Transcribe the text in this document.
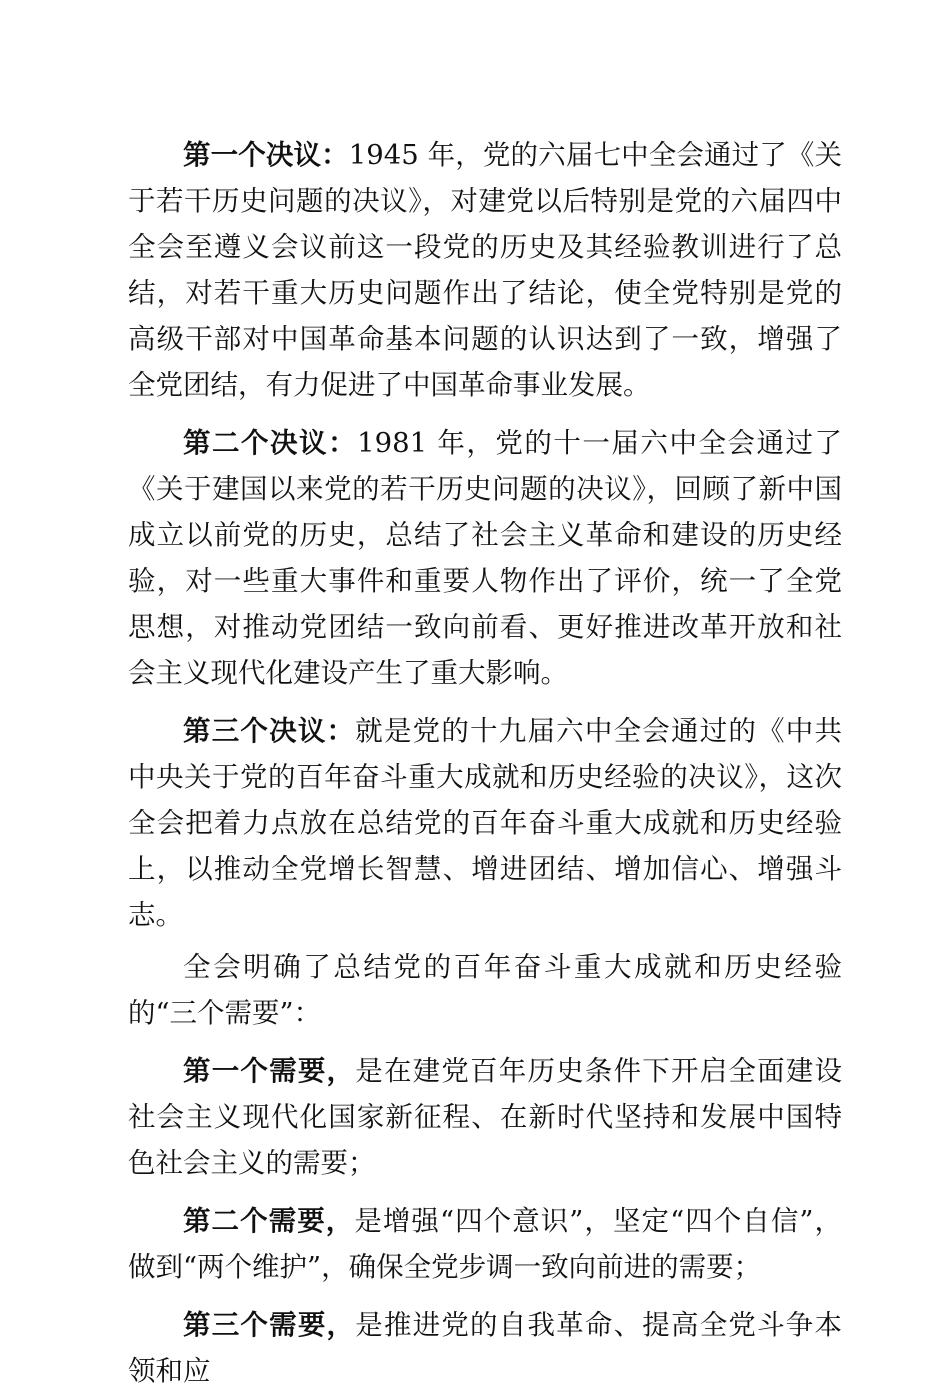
第一个决议：1945 年，党的六届七中全会通过了《关于若干历史问题的决议》，对建党以后特别是党的六届四中全会至遵义会议前这一段党的历史及其经验教训进行了总结，对若干重大历史问题作出了结论，使全党特别是党的高级干部对中国革命基本问题的认识达到了一致，增强了全党团结，有力促进了中国革命事业发展。

第二个决议：1981 年，党的十一届六中全会通过了《关于建国以来党的若干历史问题的决议》，回顾了新中国成立以前党的历史，总结了社会主义革命和建设的历史经验，对一些重大事件和重要人物作出了评价，统一了全党思想，对推动党团结一致向前看、更好推进改革开放和社会主义现代化建设产生了重大影响。

第三个决议：就是党的十九届六中全会通过的《中共中央关于党的百年奋斗重大成就和历史经验的决议》，这次全会把着力点放在总结党的百年奋斗重大成就和历史经验上，以推动全党增长智慧、增进团结、增加信心、增强斗志。

全会明确了总结党的百年奋斗重大成就和历史经验的“三个需要”：

第一个需要，是在建党百年历史条件下开启全面建设社会主义现代化国家新征程、在新时代坚持和发展中国特色社会主义的需要；

第二个需要，是增强“四个意识”，坚定“四个自信”，做到“两个维护”，确保全党步调一致向前进的需要；

第三个需要，是推进党的自我革命、提高全党斗争本领和应
